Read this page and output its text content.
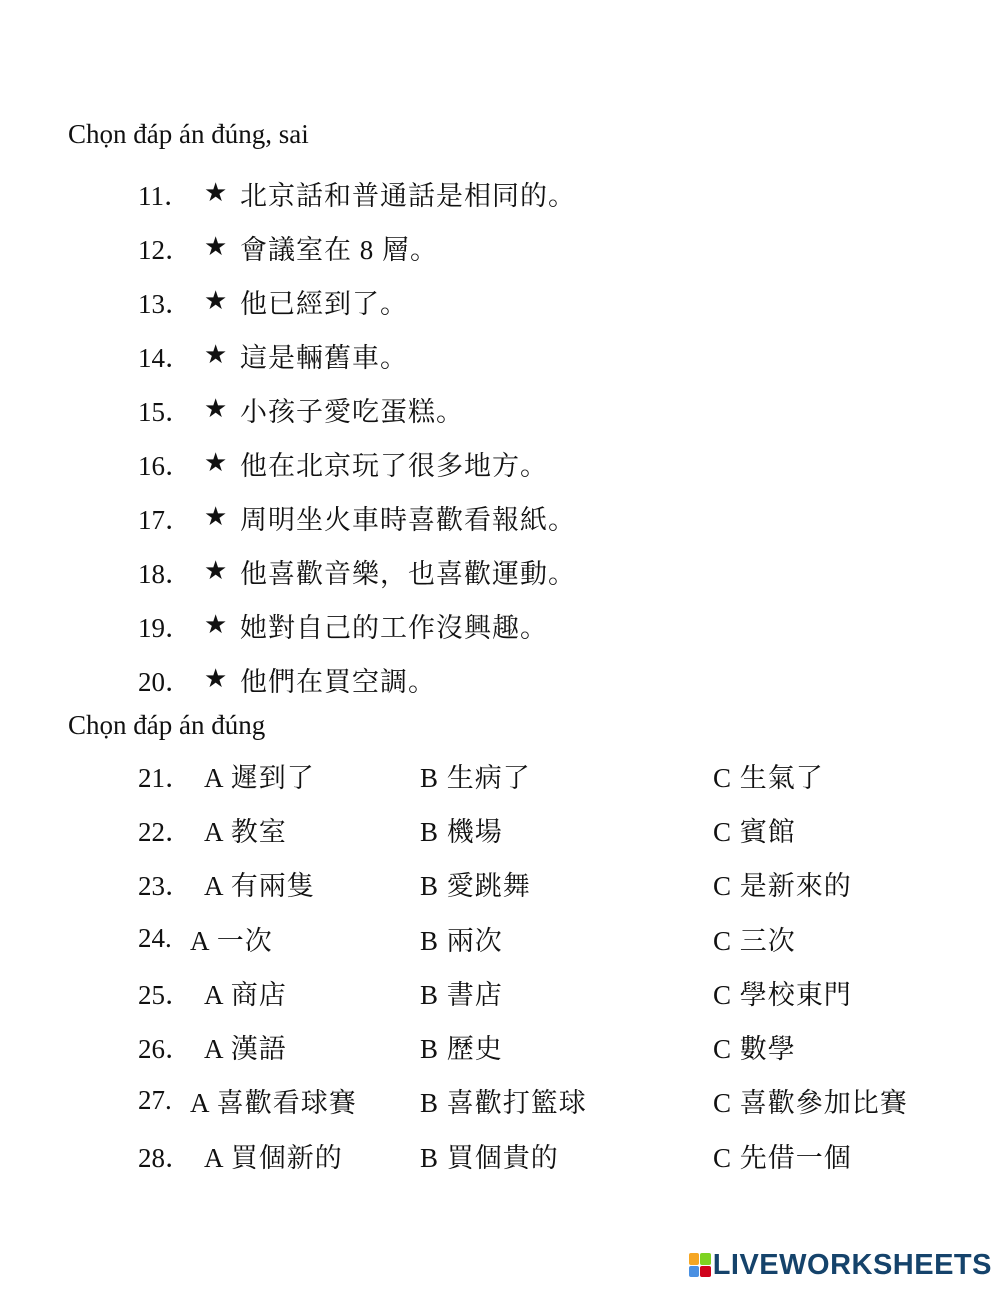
Chọn đáp án đúng, sai
11． ★ 北京話和普通話是相同的。
12． ★ 會議室在 8 層。
13． ★ 他已經到了。
14． ★ 這是輛舊車。
15． ★ 小孩子愛吃蛋糕。
16． ★ 他在北京玩了很多地方。
17． ★ 周明坐火車時喜歡看報紙。
18． ★ 他喜歡音樂，也喜歡運動。
19． ★ 她對自己的工作沒興趣。
20． ★ 他們在買空調。
Chọn đáp án đúng
21． A 遲到了	B 生病了	C 生氣了
22． A 教室	B 機場	C 賓館
23． A 有兩隻	B 愛跳舞	C 是新來的
24. A 一次	B 兩次	C 三次
25． A 商店	B 書店	C 學校東門
26． A 漢語	B 歷史	C 數學
27. A 喜歡看球賽	B 喜歡打籃球	C 喜歡參加比賽
28． A 買個新的	B 買個貴的	C 先借一個
LIVEWORKSHEETS
